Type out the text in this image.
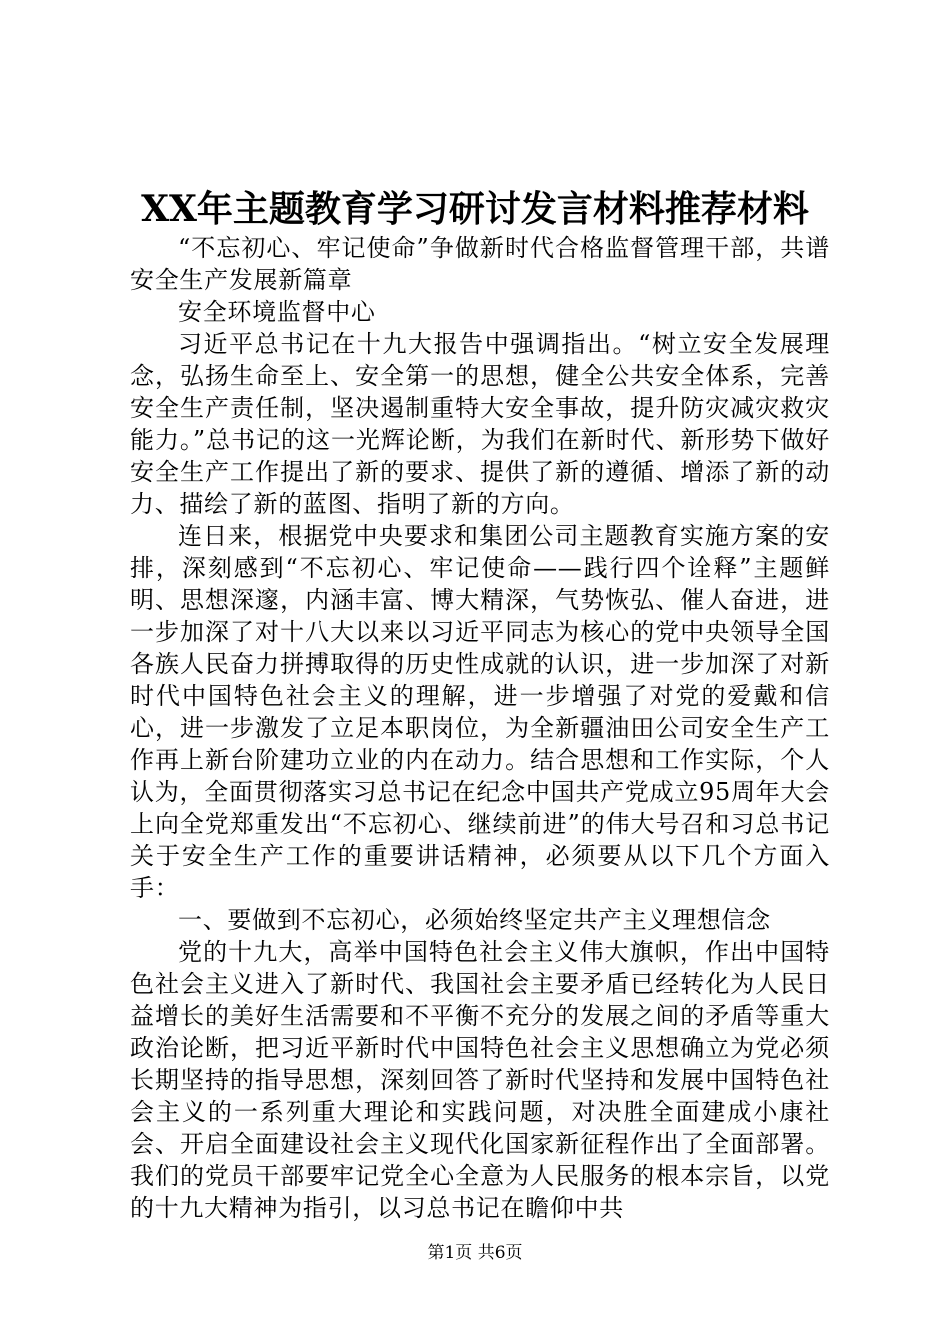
XX年主题教育学习研讨发言材料推荐材料

“不忘初心、牢记使命”争做新时代合格监督管理干部，共谱安全生产发展新篇章

安全环境监督中心

习近平总书记在十九大报告中强调指出。“树立安全发展理念，弘扬生命至上、安全第一的思想，健全公共安全体系，完善安全生产责任制，坚决遏制重特大安全事故，提升防灾减灾救灾能力。”总书记的这一光辉论断，为我们在新时代、新形势下做好安全生产工作提出了新的要求、提供了新的遵循、增添了新的动力、描绘了新的蓝图、指明了新的方向。

连日来，根据党中央要求和集团公司主题教育实施方案的安排，深刻感到“不忘初心、牢记使命——践行四个诠释”主题鲜明、思想深邃，内涵丰富、博大精深，气势恢弘、催人奋进，进一步加深了对十八大以来以习近平同志为核心的党中央领导全国各族人民奋力拼搏取得的历史性成就的认识，进一步加深了对新时代中国特色社会主义的理解，进一步增强了对党的爱戴和信心，进一步激发了立足本职岗位，为全新疆油田公司安全生产工作再上新台阶建功立业的内在动力。结合思想和工作实际，个人认为，全面贯彻落实习总书记在纪念中国共产党成立95周年大会上向全党郑重发出“不忘初心、继续前进”的伟大号召和习总书记关于安全生产工作的重要讲话精神，必须要从以下几个方面入手：

一、要做到不忘初心，必须始终坚定共产主义理想信念

党的十九大，高举中国特色社会主义伟大旗帜，作出中国特色社会主义进入了新时代、我国社会主要矛盾已经转化为人民日益增长的美好生活需要和不平衡不充分的发展之间的矛盾等重大政治论断，把习近平新时代中国特色社会主义思想确立为党必须长期坚持的指导思想，深刻回答了新时代坚持和发展中国特色社会主义的一系列重大理论和实践问题，对决胜全面建成小康社会、开启全面建设社会主义现代化国家新征程作出了全面部署。我们的党员干部要牢记党全心全意为人民服务的根本宗旨，以党的十九大精神为指引，以习总书记在瞻仰中共

第1页 共6页
